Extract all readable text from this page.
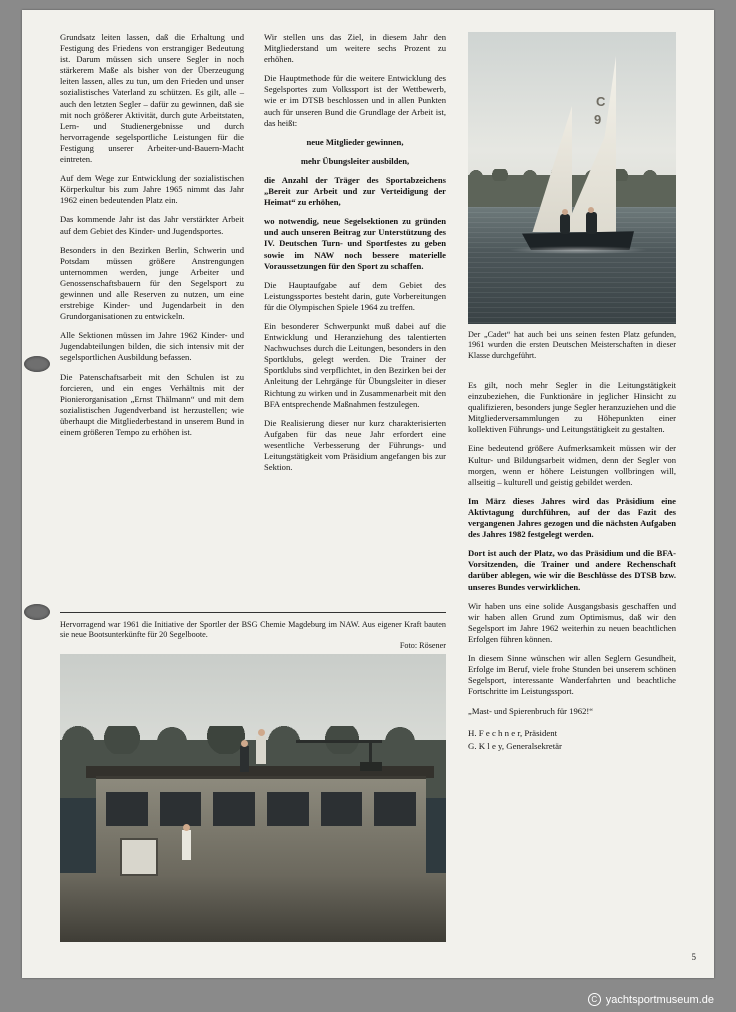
Grundsatz leiten lassen, daß die Erhaltung und Festigung des Friedens von erstrangiger Bedeutung ist. Darum müssen sich unsere Segler in noch stärkerem Maße als bisher von der Überzeugung leiten lassen, alles zu tun, um den Frieden und unser sozialistisches Vaterland zu schützen. Es gilt, alle – auch den letzten Segler – dafür zu gewinnen, daß sie mit noch größerer Aktivität, durch gute Arbeitstaten, Lern- und Studienergebnisse und durch hervorragende segelsportliche Leistungen für die Festigung unserer Arbeiter-und-Bauern-Macht eintreten.

Auf dem Wege zur Entwicklung der sozialistischen Körperkultur bis zum Jahre 1965 nimmt das Jahr 1962 einen bedeutenden Platz ein.

Das kommende Jahr ist das Jahr verstärkter Arbeit auf dem Gebiet des Kinder- und Jugendsportes.

Besonders in den Bezirken Berlin, Schwerin und Potsdam müssen größere Anstrengungen unternommen werden, junge Arbeiter und Genossenschaftsbauern für den Segelsport zu gewinnen und alle Reserven zu nutzen, um eine erstrebige Kinder- und Jugendarbeit in den Grundorganisationen zu entwickeln.

Alle Sektionen müssen im Jahre 1962 Kinder- und Jugendabteilungen bilden, die sich intensiv mit der segelsportlichen Ausbildung befassen.

Die Patenschaftsarbeit mit den Schulen ist zu forcieren, und ein enges Verhältnis mit der Pionierorganisation „Ernst Thälmann“ und mit dem sozialistischen Jugendverband ist herzustellen; wie überhaupt die Mitgliederbestand in unserem Bund in einem größeren Tempo zu erhöhen ist.

Wir stellen uns das Ziel, in diesem Jahr den Mitgliederstand um weitere sechs Prozent zu erhöhen.

Die Hauptmethode für die weitere Entwicklung des Segelsportes zum Volkssport ist der Wettbewerb, wie er im DTSB beschlossen und in allen Punkten auch für unseren Bund die Grundlage der Arbeit ist, das heißt:

neue Mitglieder gewinnen,

mehr Übungsleiter ausbilden,

die Anzahl der Träger des Sportabzeichens „Bereit zur Arbeit und zur Verteidigung der Heimat“ zu erhöhen,

wo notwendig, neue Segelsektionen zu gründen und auch unseren Beitrag zur Unterstützung des IV. Deutschen Turn- und Sportfestes zu geben sowie im NAW noch bessere materielle Voraussetzungen für den Sport zu schaffen.

Die Hauptaufgabe auf dem Gebiet des Leistungssportes besteht darin, gute Vorbereitungen für die Olympischen Spiele 1964 zu treffen.

Ein besonderer Schwerpunkt muß dabei auf die Entwicklung und Heranziehung des talentierten Nachwuchses durch die Leitungen, besonders in den Sportklubs, gelegt werden. Die Trainer der Sportklubs sind verpflichtet, in den Bezirken bei der Anleitung der Lehrgänge für Übungsleiter in dieser Richtung zu wirken und in Zusammenarbeit mit den BFA entsprechende Maßnahmen festzulegen.

Die Realisierung dieser nur kurz charakterisierten Aufgaben für das neue Jahr erfordert eine wesentliche Verbesserung der Führungs- und Leitungstätigkeit vom Präsidium angefangen bis zur Sektion.

C
9
Der „Cadet“ hat auch bei uns seinen festen Platz gefunden, 1961 wurden die ersten Deutschen Meisterschaften in dieser Klasse durchgeführt.

Es gilt, noch mehr Segler in die Leitungstätigkeit einzubeziehen, die Funktionäre in jeglicher Hinsicht zu qualifizieren, besonders junge Segler heranzuziehen und die Mitgliederversammlungen zu Höhepunkten einer kollektiven Führungs- und Leitungstätigkeit zu gestalten.

Eine bedeutend größere Aufmerksamkeit müssen wir der Kultur- und Bildungsarbeit widmen, denn der Segler von morgen, wenn er höhere Leistungen vollbringen will, allseitig – kulturell und geistig gebildet werden.

Im März dieses Jahres wird das Präsidium eine Aktivtagung durchführen, auf der das Fazit des vergangenen Jahres gezogen und die nächsten Aufgaben des Jahres 1982 festgelegt werden.

Dort ist auch der Platz, wo das Präsidium und die BFA-Vorsitzenden, die Trainer und andere Rechenschaft darüber ablegen, wie wir die Beschlüsse des DTSB bzw. unseres Bundes verwirklichen.

Wir haben uns eine solide Ausgangsbasis geschaffen und wir haben allen Grund zum Optimismus, daß wir den Segelsport im Jahre 1962 weiterhin zu neuen beachtlichen Erfolgen führen können.

In diesem Sinne wünschen wir allen Seglern Gesundheit, Erfolge im Beruf, viele frohe Stunden bei unserem schönen Segelsport, interessante Wanderfahrten und beachtliche Fortschritte im Leistungssport.

„Mast- und Spierenbruch für 1962!“

H. F e c h n e r, Präsident
G. K l e y, Generalsekretär
Hervorragend war 1961 die Initiative der Sportler der BSG Chemie Magdeburg im NAW. Aus eigener Kraft bauten sie neue Bootsunterkünfte für 20 Segelboote.
Foto: Rösener
5
C yachtsportmuseum.de
